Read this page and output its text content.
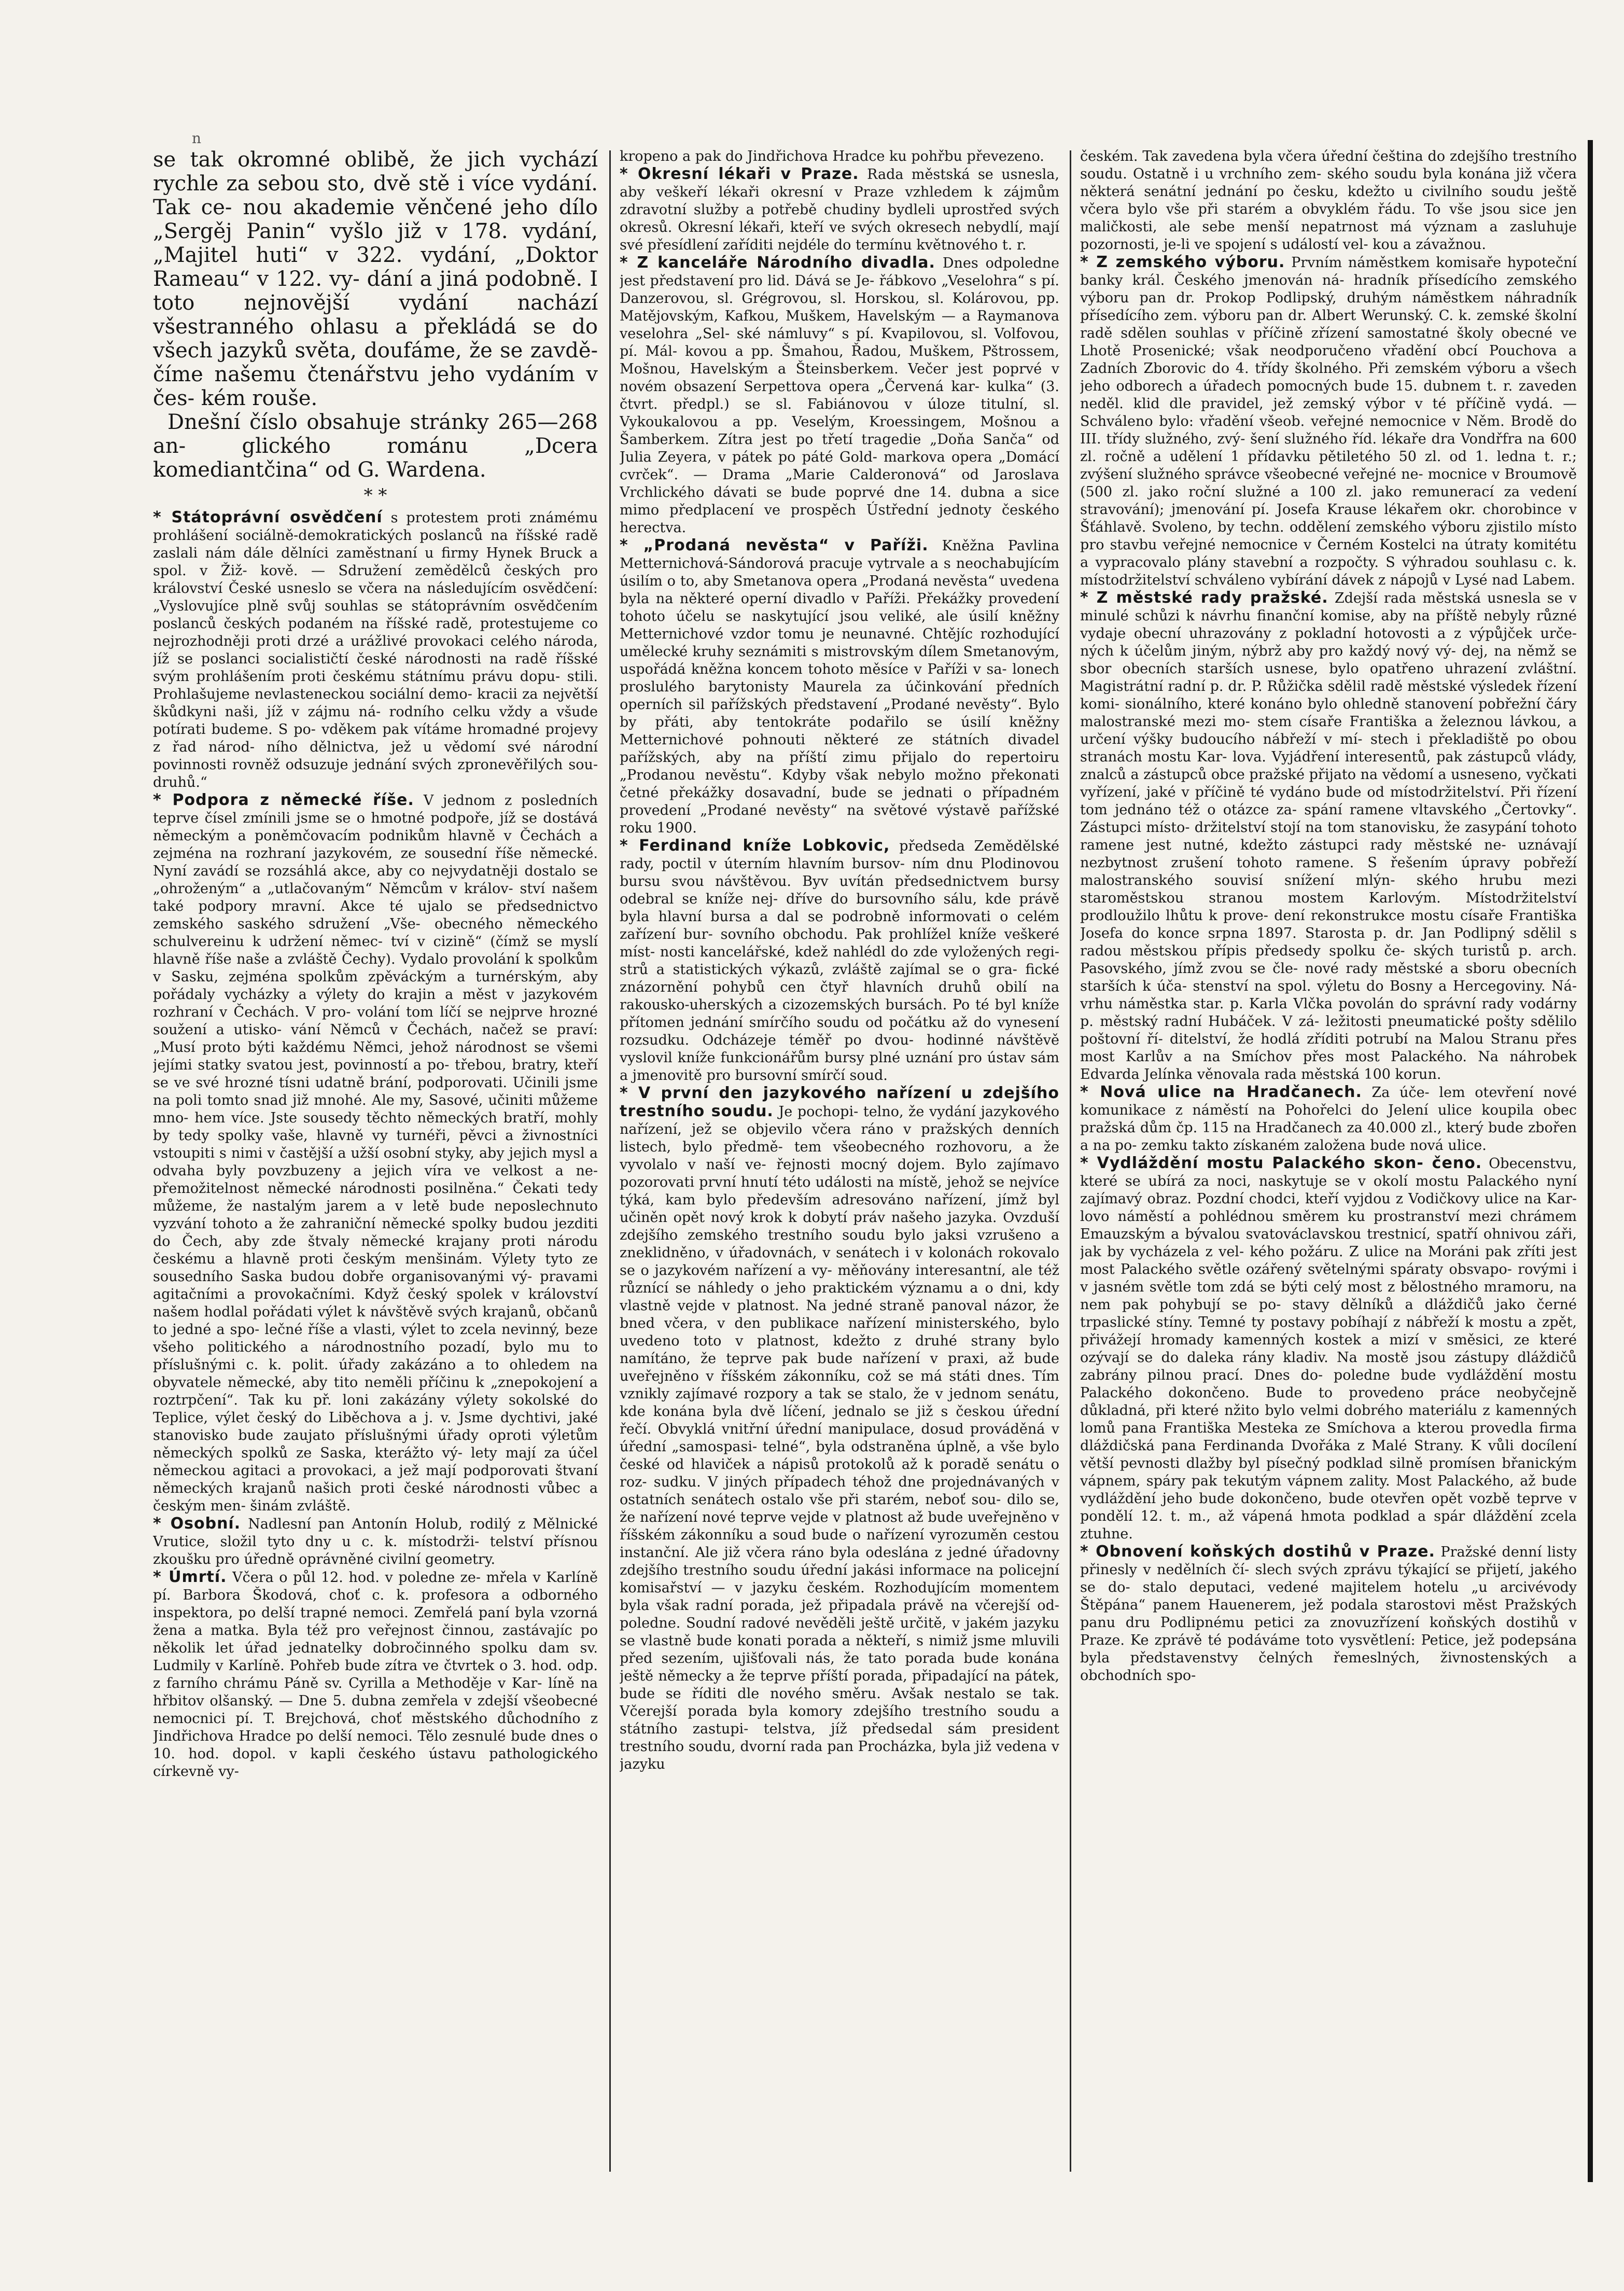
n

se tak okromné oblibě, že jich vychází rychle za sebou sto, dvě stě i více vydání. Tak ce- nou akademie věnčené jeho dílo „Sergěj Panin“ vyšlo již v 178. vydání, „Majitel huti“ v 322. vydání, „Doktor Rameau“ v 122. vy- dání a jiná podobně. I toto nejnovější vydání nachází všestranného ohlasu a překládá se do všech jazyků světa, doufáme, že se zavdě- číme našemu čtenářstvu jeho vydáním v čes- kém rouše.

Dnešní číslo obsahuje stránky 265—268 an- glického románu „Dcera komediantčina“ od G. Wardena.

* *

* Státoprávní osvědčení s protestem proti známému prohlášení sociálně-demokratických poslanců na říšské radě zaslali nám dále dělníci zaměstnaní u firmy Hynek Bruck a spol. v Žiž- kově. — Sdružení zemědělců českých pro království České usneslo se včera na následujícím osvědčení: „Vyslovujíce plně svůj souhlas se státoprávním osvědčením poslanců českých podaném na říšské radě, protestujeme co nejrozhodněji proti drzé a urážlivé provokaci celého národa, jíž se poslanci socialističtí české národnosti na radě říšské svým prohlášením proti českému státnímu právu dopu- stili. Prohlašujeme nevlasteneckou sociální demo- kracii za největší škůdkyni naši, jíž v zájmu ná- rodního celku vždy a všude potírati budeme. S po- vděkem pak vítáme hromadné projevy z řad národ- ního dělnictva, jež u vědomí své národní povinnosti rovněž odsuzuje jednání svých zpronevěřilých sou- druhů.“

* Podpora z německé říše. V jednom z posledních teprve čísel zmínili jsme se o hmotné podpoře, jíž se dostává německým a poněmčovacím podnikům hlavně v Čechách a zejména na rozhraní jazykovém, ze sousední říše německé. Nyní zavádí se rozsáhlá akce, aby co nejvydatněji dostalo se „ohroženým“ a „utlačovaným“ Němcům v králov- ství našem také podpory mravní. Akce té ujalo se předsednictvo zemského saského sdružení „Vše- obecného německého schulvereinu k udržení němec- tví v cizině“ (čímž se myslí hlavně říše naše a zvláště Čechy). Vydalo provolání k spolkům v Sasku, zejména spolkům zpěváckým a turnérským, aby pořádaly vycházky a výlety do krajin a měst v jazykovém rozhraní v Čechách. V pro- volání tom líčí se nejprve hrozné soužení a utisko- vání Němců v Čechách, načež se praví: „Musí proto býti každému Němci, jehož národnost se všemi jejími statky svatou jest, povinností a po- třebou, bratry, kteří se ve své hrozné tísni udatně brání, podporovati. Učinili jsme na poli tomto snad již mnohé. Ale my, Sasové, učiniti můžeme mno- hem více. Jste sousedy těchto německých bratří, mohly by tedy spolky vaše, hlavně vy turnéři, pěvci a živnostníci vstoupiti s nimi v častější a užší osobní styky, aby jejich mysl a odvaha byly povzbuzeny a jejich víra ve velkost a ne- přemožitelnost německé národnosti posilněna.“ Čekati tedy můžeme, že nastalým jarem a v letě bude neposlechnuto vyzvání tohoto a že zahraniční německé spolky budou jezditi do Čech, aby zde štvaly německé krajany proti národu českému a hlavně proti českým menšinám. Výlety tyto ze sousedního Saska budou dobře organisovanými vý- pravami agitačními a provokačními. Když český spolek v království našem hodlal pořádati výlet k návštěvě svých krajanů, občanů to jedné a spo- lečné říše a vlasti, výlet to zcela nevinný, beze všeho politického a národnostního pozadí, bylo mu to příslušnými c. k. polit. úřady zakázáno a to ohledem na obyvatele německé, aby tito neměli příčinu k „znepokojení a roztrpčení“. Tak ku př. loni zakázány výlety sokolské do Teplice, výlet český do Liběchova a j. v. Jsme dychtivi, jaké stanovisko bude zaujato příslušnými úřady oproti výletům německých spolků ze Saska, kterážto vý- lety mají za účel německou agitaci a provokaci, a jež mají podporovati štvaní německých krajanů našich proti české národnosti vůbec a českým men- šinám zvláště.

* Osobní. Nadlesní pan Antonín Holub, rodilý z Mělnické Vrutice, složil tyto dny u c. k. místodrži- telství přísnou zkoušku pro úředně oprávněné civilní geometry.

* Úmrtí. Včera o půl 12. hod. v poledne ze- mřela v Karlíně pí. Barbora Škodová, choť c. k. profesora a odborného inspektora, po delší trapné nemoci. Zemřelá paní byla vzorná žena a matka. Byla též pro veřejnost činnou, zastávajíc po několik let úřad jednatelky dobročinného spolku dam sv. Ludmily v Karlíně. Pohřeb bude zítra ve čtvrtek o 3. hod. odp. z farního chrámu Páně sv. Cyrilla a Methoděje v Kar- líně na hřbitov olšanský. — Dne 5. dubna zemřela v zdejší všeobecné nemocnici pí. T. Brejchová, choť městského důchodního z Jindřichova Hradce po delší nemoci. Tělo zesnulé bude dnes o 10. hod. dopol. v kapli českého ústavu pathologického církevně vy-

kropeno a pak do Jindřichova Hradce ku pohřbu převezeno.

* Okresní lékaři v Praze. Rada městská se usnesla, aby veškeří lékaři okresní v Praze vzhledem k zájmům zdravotní služby a potřebě chudiny bydleli uprostřed svých okresů. Okresní lékaři, kteří ve svých okresech nebydlí, mají své přesídlení zaříditi nejdéle do termínu květnového t. r.

* Z kanceláře Národního divadla. Dnes odpoledne jest představení pro lid. Dává se Je- řábkovo „Veselohra“ s pí. Danzerovou, sl. Grégrovou, sl. Horskou, sl. Kolárovou, pp. Matějovským, Kafkou, Muškem, Havelským — a Raymanova veselohra „Sel- ské námluvy“ s pí. Kvapilovou, sl. Volfovou, pí. Mál- kovou a pp. Šmahou, Řadou, Muškem, Pštrossem, Mošnou, Havelským a Šteinsberkem. Večer jest poprvé v novém obsazení Serpettova opera „Červená kar- kulka“ (3. čtvrt. předpl.) se sl. Fabiánovou v úloze titulní, sl. Vykoukalovou a pp. Veselým, Kroessingem, Mošnou a Šamberkem. Zítra jest po třetí tragedie „Doňa Sanča“ od Julia Zeyera, v pátek po páté Gold- markova opera „Domácí cvrček“. — Drama „Marie Calderonová“ od Jaroslava Vrchlického dávati se bude poprvé dne 14. dubna a sice mimo předplacení ve prospěch Ústřední jednoty českého herectva.

* „Prodaná nevěsta“ v Paříži. Kněžna Pavlina Metternichová-Sándorová pracuje vytrvale a s neochabujícím úsilím o to, aby Smetanova opera „Prodaná nevěsta“ uvedena byla na některé operní divadlo v Paříži. Překážky provedení tohoto účelu se naskytující jsou veliké, ale úsilí kněžny Metternichové vzdor tomu je neunavné. Chtějíc rozhodující umělecké kruhy seznámiti s mistrovským dílem Smetanovým, uspořádá kněžna koncem tohoto měsíce v Paříži v sa- lonech proslulého barytonisty Maurela za účinkování předních operních sil pařížských představení „Prodané nevěsty“. Bylo by přáti, aby tentokráte podařilo se úsilí kněžny Metternichové pohnouti některé ze státních divadel pařížských, aby na příští zimu přijalo do repertoiru „Prodanou nevěstu“. Kdyby však nebylo možno překonati četné překážky dosavadní, bude se jednati o případném provedení „Prodané nevěsty“ na světové výstavě pařížské roku 1900.

* Ferdinand kníže Lobkovic, předseda Zemědělské rady, poctil v úterním hlavním bursov- ním dnu Plodinovou bursu svou návštěvou. Byv uvítán předsednictvem bursy odebral se kníže nej- dříve do bursovního sálu, kde právě byla hlavní bursa a dal se podrobně informovati o celém zařízení bur- sovního obchodu. Pak prohlížel kníže veškeré míst- nosti kancelářské, kdež nahlédl do zde vyložených regi- strů a statistických výkazů, zvláště zajímal se o gra- fické znázornění pohybů cen čtyř hlavních druhů obilí na rakousko-uherských a cizozemských bursách. Po té byl kníže přítomen jednání smírčího soudu od počátku až do vynesení rozsudku. Odcházeje téměř po dvou- hodinné návštěvě vyslovil kníže funkcionářům bursy plné uznání pro ústav sám a jmenovitě pro bursovní smírčí soud.

* V první den jazykového nařízení u zdejšího trestního soudu. Je pochopi- telno, že vydání jazykového nařízení, jež se objevilo včera ráno v pražských denních listech, bylo předmě- tem všeobecného rozhovoru, a že vyvolalo v naší ve- řejnosti mocný dojem. Bylo zajímavo pozorovati první hnutí této události na místě, jehož se nejvíce týká, kam bylo především adresováno nařízení, jímž byl učiněn opět nový krok k dobytí práv našeho jazyka. Ovzduší zdejšího zemského trestního soudu bylo jaksi vzrušeno a zneklidněno, v úřadovnách, v senátech i v kolonách rokovalo se o jazykovém nařízení a vy- měňovány interesantní, ale též různící se náhledy o jeho praktickém významu a o dni, kdy vlastně vejde v platnost. Na jedné straně panoval názor, že bned včera, v den publikace nařízení ministerského, bylo uvedeno toto v platnost, kdežto z druhé strany bylo namítáno, že teprve pak bude nařízení v praxi, až bude uveřejněno v říšském zákonníku, což se má státi dnes. Tím vznikly zajímavé rozpory a tak se stalo, že v jednom senátu, kde konána byla dvě líčení, jednalo se již s českou úřední řečí. Obvyklá vnitřní úřední manipulace, dosud prováděná v úřední „samospasi- telné“, byla odstraněna úplně, a vše bylo české od hlaviček a nápisů protokolů až k poradě senátu o roz- sudku. V jiných případech téhož dne projednávaných v ostatních senátech ostalo vše při starém, neboť sou- dilo se, že nařízení nové teprve vejde v platnost až bude uveřejněno v říšském zákonníku a soud bude o nařízení vyrozuměn cestou instanční. Ale již včera ráno byla odeslána z jedné úřadovny zdejšího trestního soudu úřední jakási informace na policejní komisařství — v jazyku českém. Rozhodujícím momentem byla však radní porada, jež připadala právě na včerejší od- poledne. Soudní radové nevěděli ještě určitě, v jakém jazyku se vlastně bude konati porada a někteří, s nimiž jsme mluvili před sezením, ujišťovali nás, že tato porada bude konána ještě německy a že teprve příští porada, připadající na pátek, bude se říditi dle nového směru. Avšak nestalo se tak. Včerejší porada byla komory zdejšího trestního soudu a státního zastupi- telstva, jíž předsedal sám president trestního soudu, dvorní rada pan Procházka, byla již vedena v jazyku

českém. Tak zavedena byla včera úřední čeština do zdejšího trestního soudu. Ostatně i u vrchního zem- ského soudu byla konána již včera některá senátní jednání po česku, kdežto u civilního soudu ještě včera bylo vše při starém a obvyklém řádu. To vše jsou sice jen maličkosti, ale sebe menší nepatrnost má význam a zasluhuje pozornosti, je-li ve spojení s událostí vel- kou a závažnou.

* Z zemského výboru. Prvním náměstkem komisaře hypoteční banky král. Českého jmenován ná- hradník přísedícího zemského výboru pan dr. Prokop Podlipský, druhým náměstkem náhradník přísedícího zem. výboru pan dr. Albert Werunský. C. k. zemské školní radě sdělen souhlas v příčině zřízení samostatné školy obecné ve Lhotě Prosenické; však neodporučeno vřadění obcí Pouchova a Zadních Zborovic do 4. třídy školného. Při zemském výboru a všech jeho odborech a úřadech pomocných bude 15. dubnem t. r. zaveden neděl. klid dle pravidel, jež zemský výbor v té příčině vydá. — Schváleno bylo: vřadění všeob. veřejné nemocnice v Něm. Brodě do III. třídy služného, zvý- šení služného říd. lékaře dra Vondřfra na 600 zl. ročně a udělení 1 přídavku pětiletého 50 zl. od 1. ledna t. r.; zvýšení služného správce všeobecné veřejné ne- mocnice v Broumově (500 zl. jako roční služné a 100 zl. jako remunerací za vedení stravování); jmenování pí. Josefa Krause lékařem okr. chorobince v Šťáhlavě. Svoleno, by techn. oddělení zemského výboru zjistilo místo pro stavbu veřejné nemocnice v Černém Kostelci na útraty komitétu a vypracovalo plány stavební a rozpočty. S výhradou souhlasu c. k. místodržitelství schváleno vybírání dávek z nápojů v Lysé nad Labem.

* Z městské rady pražské. Zdejší rada městská usnesla se v minulé schůzi k návrhu finanční komise, aby na příště nebyly různé vydaje obecní uhrazovány z pokladní hotovosti a z výpůjček urče- ných k účelům jiným, nýbrž aby pro každý nový vý- dej, na němž se sbor obecních starších usnese, bylo opatřeno uhrazení zvláštní. Magistrátní radní p. dr. P. Růžička sdělil radě městské výsledek řízení komi- sionálního, které konáno bylo ohledně stanovení pobřežní čáry malostranské mezi mo- stem císaře Františka a železnou lávkou, a určení výšky budoucího nábřeží v mí- stech i překladiště po obou stranách mostu Kar- lova. Vyjádření interesentů, pak zástupců vlády, znalců a zástupců obce pražské přijato na vědomí a usneseno, vyčkati vyřízení, jaké v příčině té vydáno bude od místodržitelství. Při řízení tom jednáno též o otázce za- spání ramene vltavského „Čertovky“. Zástupci místo- držitelství stojí na tom stanovisku, že zasypání tohoto ramene jest nutné, kdežto zástupci rady městské ne- uznávají nezbytnost zrušení tohoto ramene. S řešením úpravy pobřeží malostranského souvisí snížení mlýn- ského hrubu mezi staroměstskou stranou mostem Karlovým. Místodržitelství prodloužilo lhůtu k prove- dení rekonstrukce mostu císaře Františka Josefa do konce srpna 1897. Starosta p. dr. Jan Podlipný sdělil s radou městskou přípis předsedy spolku če- ských turistů p. arch. Pasovského, jímž zvou se čle- nové rady městské a sboru obecních starších k úča- stenství na spol. výletu do Bosny a Hercegoviny. Ná- vrhu náměstka star. p. Karla Vlčka povolán do správní rady vodárny p. městský radní Hubáček. V zá- ležitosti pneumatické pošty sdělilo poštovní ří- ditelství, že hodlá zříditi potrubí na Malou Stranu přes most Karlův a na Smíchov přes most Palackého. Na náhrobek Edvarda Jelínka věnovala rada městská 100 korun.

* Nová ulice na Hradčanech. Za úče- lem otevření nové komunikace z náměstí na Pohořelci do Jelení ulice koupila obec pražská dům čp. 115 na Hradčanech za 40.000 zl., který bude zbořen a na po- zemku takto získaném založena bude nová ulice.

* Vydláždění mostu Palackého skon- čeno. Obecenstvu, které se ubírá za noci, naskytuje se v okolí mostu Palackého nyní zajímavý obraz. Pozdní chodci, kteří vyjdou z Vodičkovy ulice na Kar- lovo náměstí a pohlédnou směrem ku prostranství mezi chrámem Emauzským a bývalou svatováclavskou trestnicí, spatří ohnivou záři, jak by vycházela z vel- kého požáru. Z ulice na Moráni pak zříti jest most Palackého světle ozářený světelnými spáraty obsvapo- rovými i v jasném světle tom zdá se býti celý most z bělostného mramoru, na nem pak pohybují se po- stavy dělníků a dláždičů jako černé trpaslické stíny. Temné ty postavy pobíhají z nábřeží k mostu a zpět, přivážejí hromady kamenných kostek a mizí v směsici, ze které ozývají se do daleka rány kladiv. Na mostě jsou zástupy dláždičů zabrány pilnou prací. Dnes do- poledne bude vydláždění mostu Palackého dokončeno. Bude to provedeno práce neobyčejně důkladná, při které nžito bylo velmi dobrého materiálu z kamenných lomů pana Františka Mesteka ze Smíchova a kterou provedla firma dláždičská pana Ferdinanda Dvořáka z Malé Strany. K vůli docílení větší pevnosti dlažby byl písečný podklad silně promísen břanickým vápnem, spáry pak tekutým vápnem zality. Most Palackého, až bude vydláždění jeho bude dokončeno, bude otevřen opět vozbě teprve v pondělí 12. t. m., až vápená hmota podklad a spár dláždění zcela ztuhne.

* Obnovení koňských dostihů v Praze. Pražské denní listy přinesly v nedělních čí- slech svých zprávu týkající se přijetí, jakého se do- stalo deputaci, vedené majitelem hotelu „u arcivévody Štěpána“ panem Hauenerem, jež podala starostovi měst Pražských panu dru Podlipnému petici za znovuzřízení koňských dostihů v Praze. Ke zprávě té podáváme toto vysvětlení: Petice, jež podepsána byla představenstvy čelných řemeslných, živnostenských a obchodních spo-
